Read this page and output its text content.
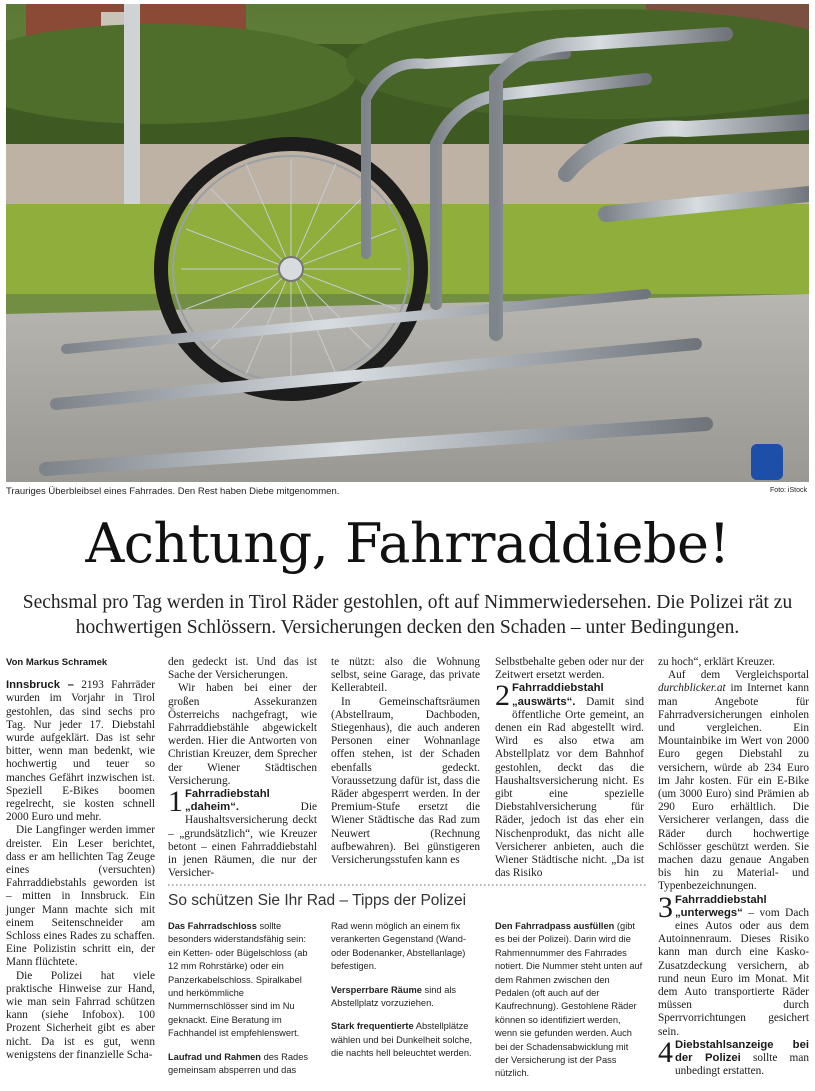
Trauriges Überbleibsel eines Fahrrades. Den Rest haben Diebe mitgenommen.	Foto: iStock
Achtung, Fahrraddiebe!
Sechsmal pro Tag werden in Tirol Räder gestohlen, oft auf Nimmerwiedersehen. Die Polizei rät zu hochwertigen Schlössern. Versicherungen decken den Schaden – unter Bedingungen.

Von Markus Schramek

Innsbruck – 2193 Fahrräder wurden im Vorjahr in Tirol gestohlen, das sind sechs pro Tag. Nur jeder 17. Diebstahl wurde aufgeklärt. Das ist sehr bitter, wenn man bedenkt, wie hochwertig und teuer so manches Gefährt inzwischen ist. Speziell E-Bikes boomen regelrecht, sie kosten schnell 2000 Euro und mehr.

Die Langfinger werden immer dreister. Ein Leser berichtet, dass er am hellichten Tag Zeuge eines (versuchten) Fahrraddiebstahls geworden ist – mitten in Innsbruck. Ein junger Mann machte sich mit einem Seitenschneider am Schloss eines Rades zu schaffen. Eine Polizistin schritt ein, der Mann flüchtete.

Die Polizei hat viele praktische Hinweise zur Hand, wie man sein Fahrrad schützen kann (siehe Infobox). 100 Prozent Sicherheit gibt es aber nicht. Da ist es gut, wenn wenigstens der finanzielle Scha-

den gedeckt ist. Und das ist Sache der Versicherungen.

Wir haben bei einer der großen Assekuranzen Österreichs nachgefragt, wie Fahrraddiebstähle abgewickelt werden. Hier die Antworten von Christian Kreuzer, dem Sprecher der Wiener Städtischen Versicherung.

1 Fahrradiebstahl „daheim“. Die Haushaltsversicherung deckt – „grundsätzlich“, wie Kreuzer betont – einen Fahrraddiebstahl in jenen Räumen, die nur der Versicher-

te nützt: also die Wohnung selbst, seine Garage, das private Kellerabteil.

In Gemeinschaftsräumen (Abstellraum, Dachboden, Stiegenhaus), die auch anderen Personen einer Wohnanlage offen stehen, ist der Schaden ebenfalls gedeckt. Voraussetzung dafür ist, dass die Räder abgesperrt werden. In der Premium-Stufe ersetzt die Wiener Städtische das Rad zum Neuwert (Rechnung aufbewahren). Bei günstigeren Versicherungsstufen kann es

Selbstbehalte geben oder nur der Zeitwert ersetzt werden.

2 Fahrraddiebstahl „auswärts“. Damit sind öffentliche Orte gemeint, an denen ein Rad abgestellt wird. Wird es also etwa am Abstellplatz vor dem Bahnhof gestohlen, deckt das die Haushaltsversicherung nicht. Es gibt eine spezielle Diebstahlversicherung für Räder, jedoch ist das eher ein Nischenprodukt, das nicht alle Versicherer anbieten, auch die Wiener Städtische nicht. „Da ist das Risiko

zu hoch“, erklärt Kreuzer.

Auf dem Vergleichsportal durchblicker.at im Internet kann man Angebote für Fahrradversicherungen einholen und vergleichen. Ein Mountainbike im Wert von 2000 Euro gegen Diebstahl zu versichern, würde ab 234 Euro im Jahr kosten. Für ein E-Bike (um 3000 Euro) sind Prämien ab 290 Euro erhältlich. Die Versicherer verlangen, dass die Räder durch hochwertige Schlösser geschützt werden. Sie machen dazu genaue Angaben bis hin zu Material- und Typenbezeichnungen.

3 Fahrraddiebstahl „unterwegs“ – vom Dach eines Autos oder aus dem Autoinnenraum. Dieses Risiko kann man durch eine Kasko-Zusatzdeckung versichern, ab rund neun Euro im Monat. Mit dem Auto transportierte Räder müssen durch Sperrvorrichtungen gesichert sein.

4 Diebstahlsanzeige bei der Polizei sollte man unbedingt erstatten.

So schützen Sie Ihr Rad – Tipps der Polizei

Das Fahrradschloss sollte besonders widerstandsfähig sein: ein Ketten- oder Bügelschloss (ab 12 mm Rohrstärke) oder ein Panzerkabelschloss. Spiralkabel und herkömmliche Nummernschlösser sind im Nu geknackt. Eine Beratung im Fachhandel ist empfehlenswert.

Laufrad und Rahmen des Rades gemeinsam absperren und das

Rad wenn möglich an einem fix verankerten Gegenstand (Wand- oder Bodenanker, Abstellanlage) befestigen.

Versperrbare Räume sind als Abstellplatz vorzuziehen.

Stark frequentierte Abstellplätze wählen und bei Dunkelheit solche, die nachts hell beleuchtet werden.

Den Fahrradpass ausfüllen (gibt es bei der Polizei). Darin wird die Rahmennummer des Fahrrades notiert. Die Nummer steht unten auf dem Rahmen zwischen den Pedalen (oft auch auf der Kaufrechnung). Gestohlene Räder können so identifiziert werden, wenn sie gefunden werden. Auch bei der Schadensabwicklung mit der Versicherung ist der Pass nützlich.
